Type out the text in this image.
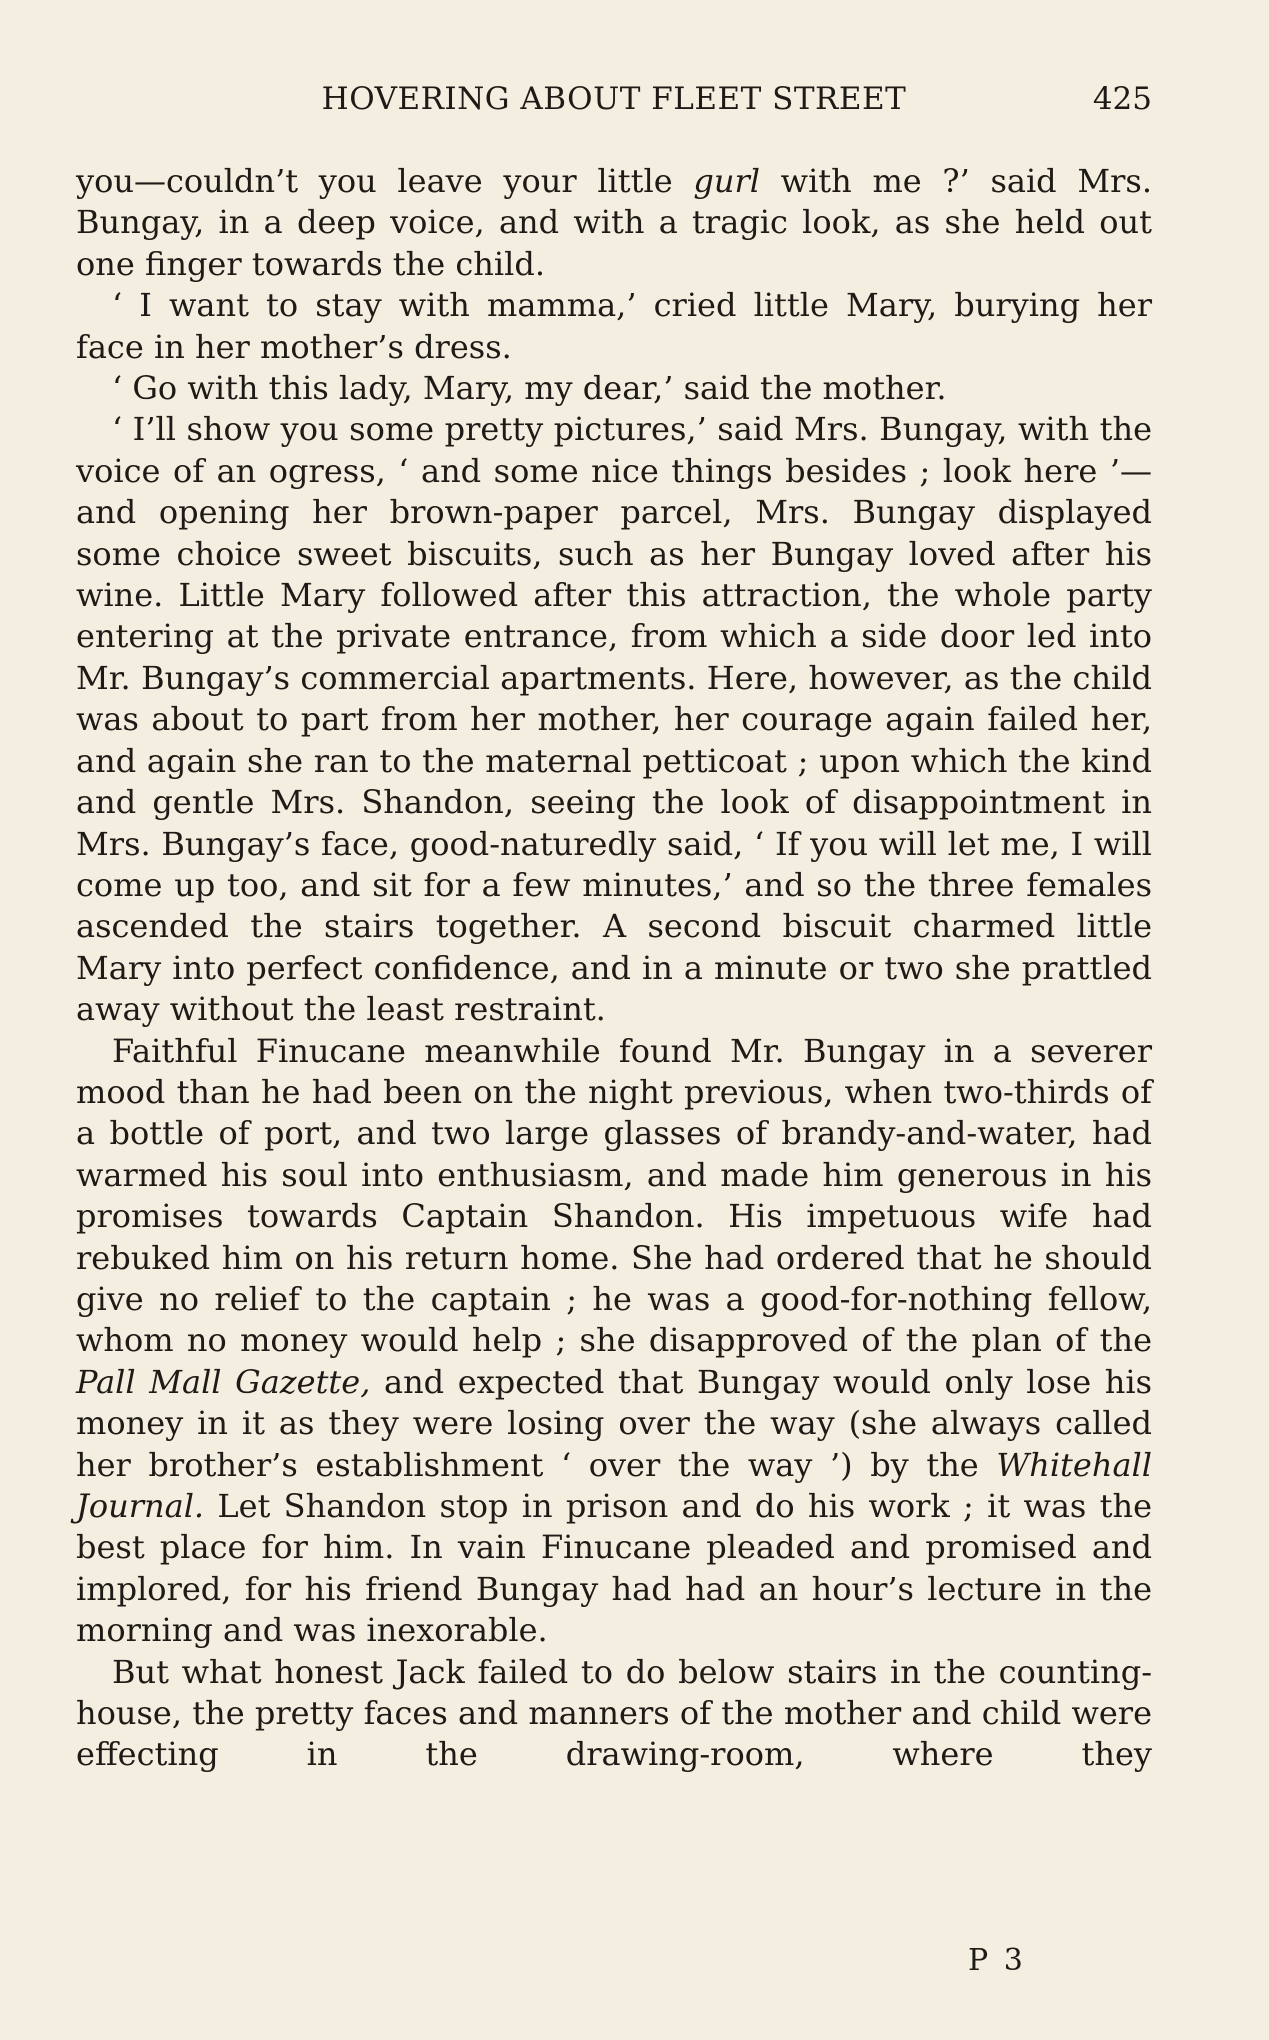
HOVERING ABOUT FLEET STREET	425

you—couldn’t you leave your little gurl with me ?’ said Mrs. Bungay, in a deep voice, and with a tragic look, as she held out one finger towards the child.

‘ I want to stay with mamma,’ cried little Mary, burying her face in her mother’s dress.

‘ Go with this lady, Mary, my dear,’ said the mother.

‘ I’ll show you some pretty pictures,’ said Mrs. Bungay, with the voice of an ogress, ‘ and some nice things besides ; look here ’—and opening her brown-paper parcel, Mrs. Bungay displayed some choice sweet biscuits, such as her Bungay loved after his wine. Little Mary followed after this attraction, the whole party entering at the private entrance, from which a side door led into Mr. Bungay’s commercial apartments. Here, however, as the child was about to part from her mother, her courage again failed her, and again she ran to the maternal petticoat ; upon which the kind and gentle Mrs. Shandon, seeing the look of disappointment in Mrs. Bungay’s face, good-naturedly said, ‘ If you will let me, I will come up too, and sit for a few minutes,’ and so the three females ascended the stairs together. A second biscuit charmed little Mary into perfect confidence, and in a minute or two she prattled away without the least restraint.

Faithful Finucane meanwhile found Mr. Bungay in a severer mood than he had been on the night previous, when two-thirds of a bottle of port, and two large glasses of brandy-and-water, had warmed his soul into enthusiasm, and made him generous in his promises towards Captain Shandon. His impetuous wife had rebuked him on his return home. She had ordered that he should give no relief to the captain ; he was a good-for-nothing fellow, whom no money would help ; she disapproved of the plan of the Pall Mall Gazette, and expected that Bungay would only lose his money in it as they were losing over the way (she always called her brother’s establishment ‘ over the way ’) by the Whitehall Journal. Let Shandon stop in prison and do his work ; it was the best place for him. In vain Finucane pleaded and promised and implored, for his friend Bungay had had an hour’s lecture in the morning and was inexorable.

But what honest Jack failed to do below stairs in the counting-house, the pretty faces and manners of the mother and child were effecting in the drawing-room, where they

P 3
